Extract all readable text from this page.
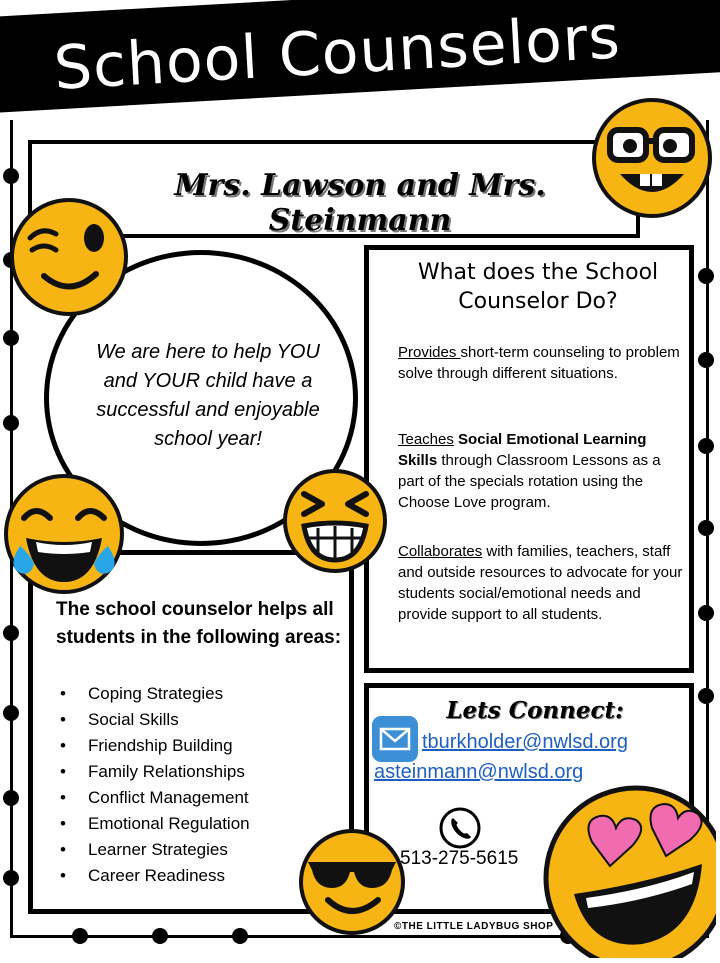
School Counselors
Mrs. Lawson and Mrs. Steinmann
We are here to help YOU and YOUR child have a successful and enjoyable school year!
What does the School Counselor Do?
Provides short-term counseling to problem solve through different situations.
Teaches Social Emotional Learning Skills through Classroom Lessons as a part of the specials rotation using the Choose Love program.
Collaborates with families, teachers, staff and outside resources to advocate for your students social/emotional needs and provide support to all students.
The school counselor helps all students in the following areas:
• Coping Strategies
• Social Skills
• Friendship Building
• Family Relationships
• Conflict Management
• Emotional Regulation
• Learner Strategies
• Career Readiness
Lets Connect:
tburkholder@nwlsd.org
asteinmann@nwlsd.org
513-275-5615
©THE LITTLE LADYBUG SHOP
